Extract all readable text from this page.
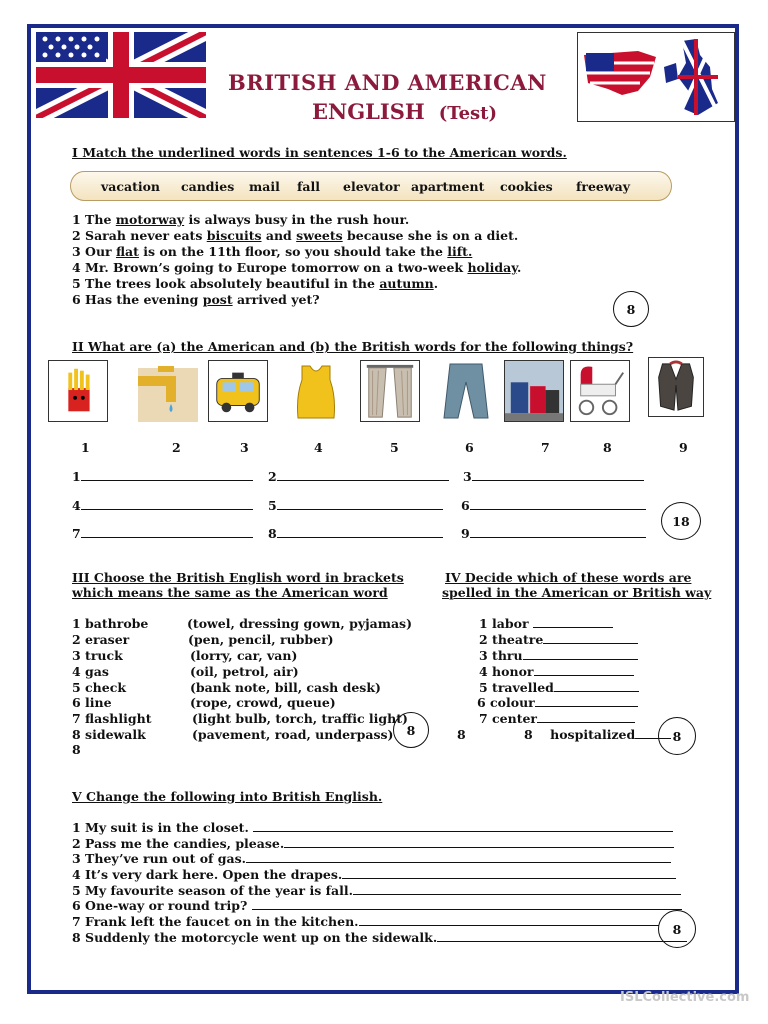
BRITISH AND AMERICAN
ENGLISH (Test)
I Match the underlined words in sentences 1-6 to the American words.
vacation candies mail fall elevator apartment cookies freeway
1 The motorway is always busy in the rush hour.
2 Sarah never eats biscuits and sweets because she is on a diet.
3 Our flat is on the 11th floor, so you should take the lift.
4 Mr. Brown’s going to Europe tomorrow on a two-week holiday.
5 The trees look absolutely beautiful in the autumn.
6 Has the evening post arrived yet?
8
II What are (a) the American and (b) the British words for the following things?
1	2	3	4	5	6	7	8	9
1	2	3
4	5	6
7	8	9
18
III Choose the British English word in brackets
which means the same as the American word
1 bathrobe	(towel, dressing gown, pyjamas)
2 eraser	(pen, pencil, rubber)
3 truck	(lorry, car, van)
4 gas	(oil, petrol, air)
5 check	(bank note, bill, cash desk)
6 line	(rope, crowd, queue)
7 flashlight	(light bulb, torch, traffic light)
8 sidewalk	(pavement, road, underpass)
8
8
IV Decide which of these words are
spelled in the American or British way
1 labor
2 theatre
3 thru
4 honor
5 travelled
6 colour
7 center
8	8 hospitalized	8
V Change the following into British English.
1 My suit is in the closet.
2 Pass me the candies, please.
3 They’ve run out of gas.
4 It’s very dark here. Open the drapes.
5 My favourite season of the year is fall.
6 One-way or round trip?
7 Frank left the faucet on in the kitchen.
8 Suddenly the motorcycle went up on the sidewalk.
8
ISLCollective.com
